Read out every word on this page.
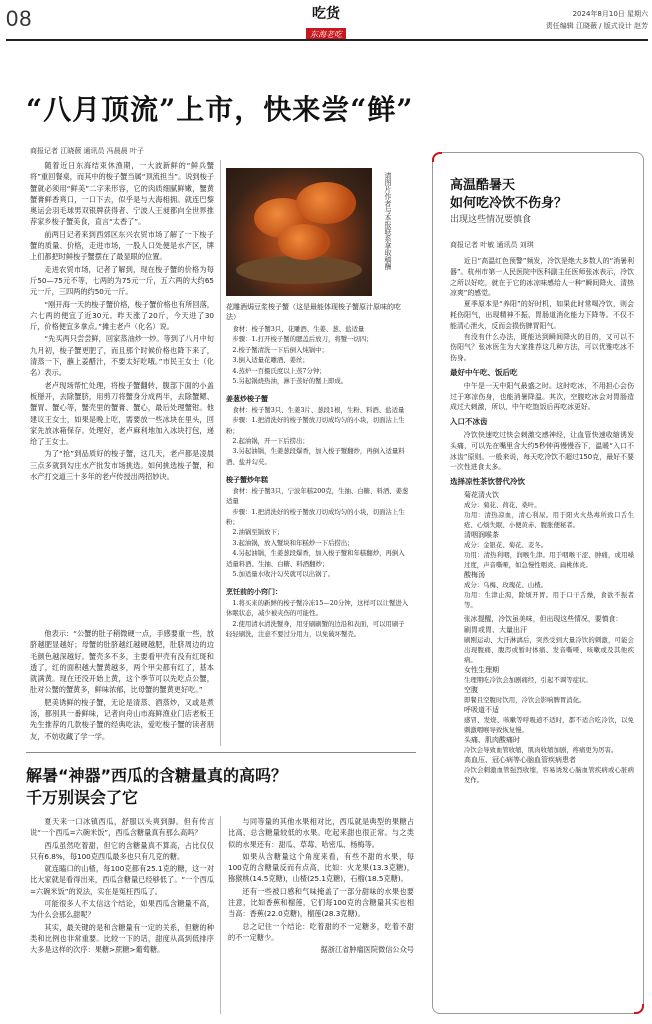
08	吃货
东海老吃
2024年8月10日 星期六
责任编辑 江晓薇 / 版式设计 赵芳
“八月顶流”上市，快来尝“鲜”
商报记者 江晓薇 通讯员 冯晨晨 叶子

随着近日东海结束休渔期，一大波新鲜的“鲜兵蟹将”重回餐桌，而其中的梭子蟹当属“顶流担当”。说到梭子蟹就必须用“鲜美”二字来形容，它的肉质细腻鲜嫩，蟹黄蟹膏鲜香爽口，一口下去，似乎是与大海相拥。就连巴黎奥运会羽毛球男双银牌获得者、宁波人王昶都向全世界推荐家乡梭子蟹美食，直言“太香了”。

前两日记者来到西郊区东兴农贸市场了解了一下梭子蟹的质量、价格，走进市场，一股人口处便是水产区，牌上们都把时鲜梭子蟹摆在了最显眼的位置。

走进农贸市场，记者了解到，现在梭子蟹的价格为每斤50—75元不等，七两的为75元一斤，五六两的大约65元一斤，三四两的约50元一斤。

“刚开海一天的梭子蟹价格，梭子蟹价格也有所回落，六七两的便宜了近30元。昨天涨了20斤，今天进了30斤，价格便宜多拿点。”摊主老卢（化名）说。

“先买两只尝尝鲜，回家蒸油炒一炒。等到了八月中旬九月初，梭子蟹更肥了，而且那个时候价格也降下来了，清蒸一下，蘸上姜醋汁，不要太好吃哦。”市民王女士（化名）表示。

老卢现场帮忙处理，将梭子蟹翻转，腹部下面的小盖板掰开，去除蟹脐，用剪刀将蟹身分成两半，去除蟹鳃、蟹胃、蟹心等，蟹壳里的蟹膏、蟹心，最后处理蟹钳。他建议王女士，如果是晚上吃，需要放一些冰块在里头，回家先放冰箱保存。处理好，老卢麻利地加入冰块打包，递给了王女士。

为了“抢”到品质好的梭子蟹，这几天，老卢都是凌晨三点多就到勾庄水产批发市场挑选。如何挑选梭子蟹，和水产打交道三十多年的老卢传授出两招妙诀。

他表示：“公蟹的肚子稍微硬一点，手感要重一些，放脐越肥显越好；母蟹的肚脐越红越硬越肥，肚脐周边的边毛颜色越深越好。蟹壳多不多，主要看甲壳有没有红斑和透了，红的面积越大蟹黄越多，两个甲尖都有红了，基本就满黄。现在还没开始上黄，这个季节可以先吃点公蟹，肚对公蟹的蟹黄多，鲜味浓郁，比母蟹的蟹黄更好吃。”

肥美诱鲜的梭子蟹，无论是清蒸、酒蒸炒，又或是煮汤，都别具一番鲜味，记者向舟山市海鲜渔业门店老板王先生推荐的几款梭子蟹的经典吃法，爱吃梭子蟹的读者朋友，不妨收藏了学一学。

请图片作者与本报联系拿取稿酬
花雕酒焗豆浆梭子蟹（这是最能体现梭子蟹原汁原味的吃法）
食材：梭子蟹3只、花雕酒、生姜、葱、盐适量
步骤：1.打开梭子蟹的腮盖后放刀，将蟹一切四；
2.梭子蟹清洗一下后倒入炖锅中；
3.倒入适量花雕酒、姜丝；
4.蒸炉一百摄氏度以上蒸7分钟；
5.另起锅烧热油，淋于蒸好的蟹上即成。
姜葱炒梭子蟹
食材：梭子蟹3只、生姜3片、葱段1根，生粉、料酒、盐适量
步骤：1.把清洗好的梭子蟹放刀切成均匀的小块，切面沾上生粉；
2.起油锅，开一下后捞出；
3.另起油锅，生姜葱段爆香，加入梭子蟹翻炒，再倒入适量料酒、盐并勾芡。
梭子蟹炒年糕
食材：梭子蟹3只，宁波年糕200克，生抽、白糖、料酒、姜葱适量
步骤：1.把清洗好的梭子蟹放刀切成均匀的小块，切面沾上生粉；
2.油锅至锅放下；
3.起油锅，放入蟹块和年糕炒一下后捞出；
4.另起油锅，生姜葱段爆香，加入梭子蟹和年糕翻炒，再倒入适量料酒、生抽、白糖、料酒翻炒；
5.加适量水收汁勾芡就可以出锅了。
烹饪前的小窍门：
1.将买来的新鲜的梭子蟹冷冻15—20分钟，这样可以让蟹进入休眠状态，减少被夹伤的可能性。
2.使用清水清洗蟹身，用牙刷刷蟹的边沿和表面，可以用刷子轻轻刷洗，注意不要过分用力，以免破坏蟹壳。
解暑“神器”西瓜的含糖量真的高吗？
千万别误会了它

夏天来一口冰镇西瓜，舒服以头爽到脚。但有传言说“一个西瓜=六碗米饭”，西瓜含糖量真有那么高吗？

西瓜虽然吃着甜，但它的含糖量真不算高，占比仅仅只有6.8%，每100克西瓜最多也只有几克的糖。

就连瞌口的山楂，每100克都有25.1克的糖，这一对比大家就是看得出来，西瓜含糖量已经够低了。“一个西瓜=六碗米饭”的说法，实在是冤枉西瓜了。

可能很多人不太信这个结论，如果西瓜含糖量不高，为什么会那么甜呢？

其实，最关键的是和含糖量有一定的关系，但糖的种类和比例也非常重要。比较一下的话，甜度从高到低排序大多是这样的次序：果糖>蔗糖>葡萄糖。

与同等量的其他水果相对比，西瓜就是典型的果糖占比高、总含糖量较低的水果。吃起来甜也很正常。与之类似的水果还有：甜瓜、草莓、哈密瓜、杨梅等。

如果从含糖量这个角度来看，有些不甜的水果，每100克的含糖量反而有点高，比如：火龙果(13.3克糖)，猕猴桃(14.5克糖)，山楂(25.1克糖)，石榴(18.5克糖)。

还有一些被口感和气味掩盖了一部分甜味的水果也要注意，比如香蕉和榴莲，它们每100克的含糖量其实也相当高：香蕉(22.0克糖)，榴莲(28.3克糖)。

总之记住一个结论：吃着甜的不一定糖多，吃着不甜的不一定糖少。

据浙江省肿瘤医院微信公众号

高温酷暑天
如何吃冷饮不伤身？
出现这些情况要慎食
商报记者 叶敏 通讯员 刘琪

近日“高温红色预警”频发，冷饮是绝大多数人的“消暑利器”。杭州市第一人民医院中医科副主任医师张冰表示，冷饮之所以好吃，就在于它的冰凉味感给人一种“瞬间降火、清热凉爽”的感觉。

夏季原本是“养阳”的好时机，如果此时常喝冷饮，则会耗伤阳气，出现精神不振、胃肠道消化能力下降等。不仅不能清心泄火，反而会损伤脾胃阳气。

有没有什么办法，既能达到瞬间降火的目的，又可以不伤阳气？张冰医生为大家推荐这几种方法，可以优雅吃冰不伤身。

最好中午吃、饭后吃

中午是一天中阳气最盛之时。这时吃冰，不用担心会伤过于寒凉伤身，也能消暑降温。其次，空腹吃冰会对胃肠造成过大刺激，所以，中午吃饱饭后再吃冰更好。

入口不冰齿

冷饮快速吃过快会刺激交感神经，让血管快速收缩诱发头痛，可以先在嘴里含大约5秒钟再慢慢吞下，温暖“入口不冰齿”原则。一般来说，每天吃冷饮不超过150克，最好不要一次性进食太多。

选择凉性茶饮替代冷饮
菊花清火饮
成分：菊花、荷花、桑叶。
功用：清热凉血，清心利尿。用于阳火火热毒所致口舌生疮、心烦失眠、小便黄赤、腹胀便秘者。
清咽润喉茶
成分：金银花、菊花、麦冬。
功用：清热利咽，润喉生津。用于咽喉干涩、肿痛，或用嗓过度，声音嘶哑，如急慢性咽炎、扁桃体炎。
酸梅汤
成分：乌梅、玫瑰花、山楂。
功用：生津止渴，除烦开胃。用于口干舌燥，食欲不振者等。

张冰提醒，冷饮虽美味，但出现这些情况，要慎食：

刷胃或胃、大量出汗
刷刚运动、大汗淋漓后，突然受到大量冷饮的刺激，可能会出现腹痛、腹泻或暂时体痛、发音嘶哑、咳嗽或及其他疾病。
女性生理期
生理期吃冷饮会加剧痛经，引起不调等症状。
空腹
即餐且空腹时饮用，冷饮会影响脾胃消化。
呼吸道不适
感冒、发烧、咳嗽等呼吸道不适时，都不适合吃冷饮，以免刺激咽喉导致恢复慢。
头痛、肌肉酸痛时
冷饮会导致血管收缩，肌肉收缩加剧，疼痛更为厉害。
高血压、冠心病等心脑血管疾病患者
冷饮会刺激血管强烈收缩，容易诱发心脑血管疾病或心脏病发作。
